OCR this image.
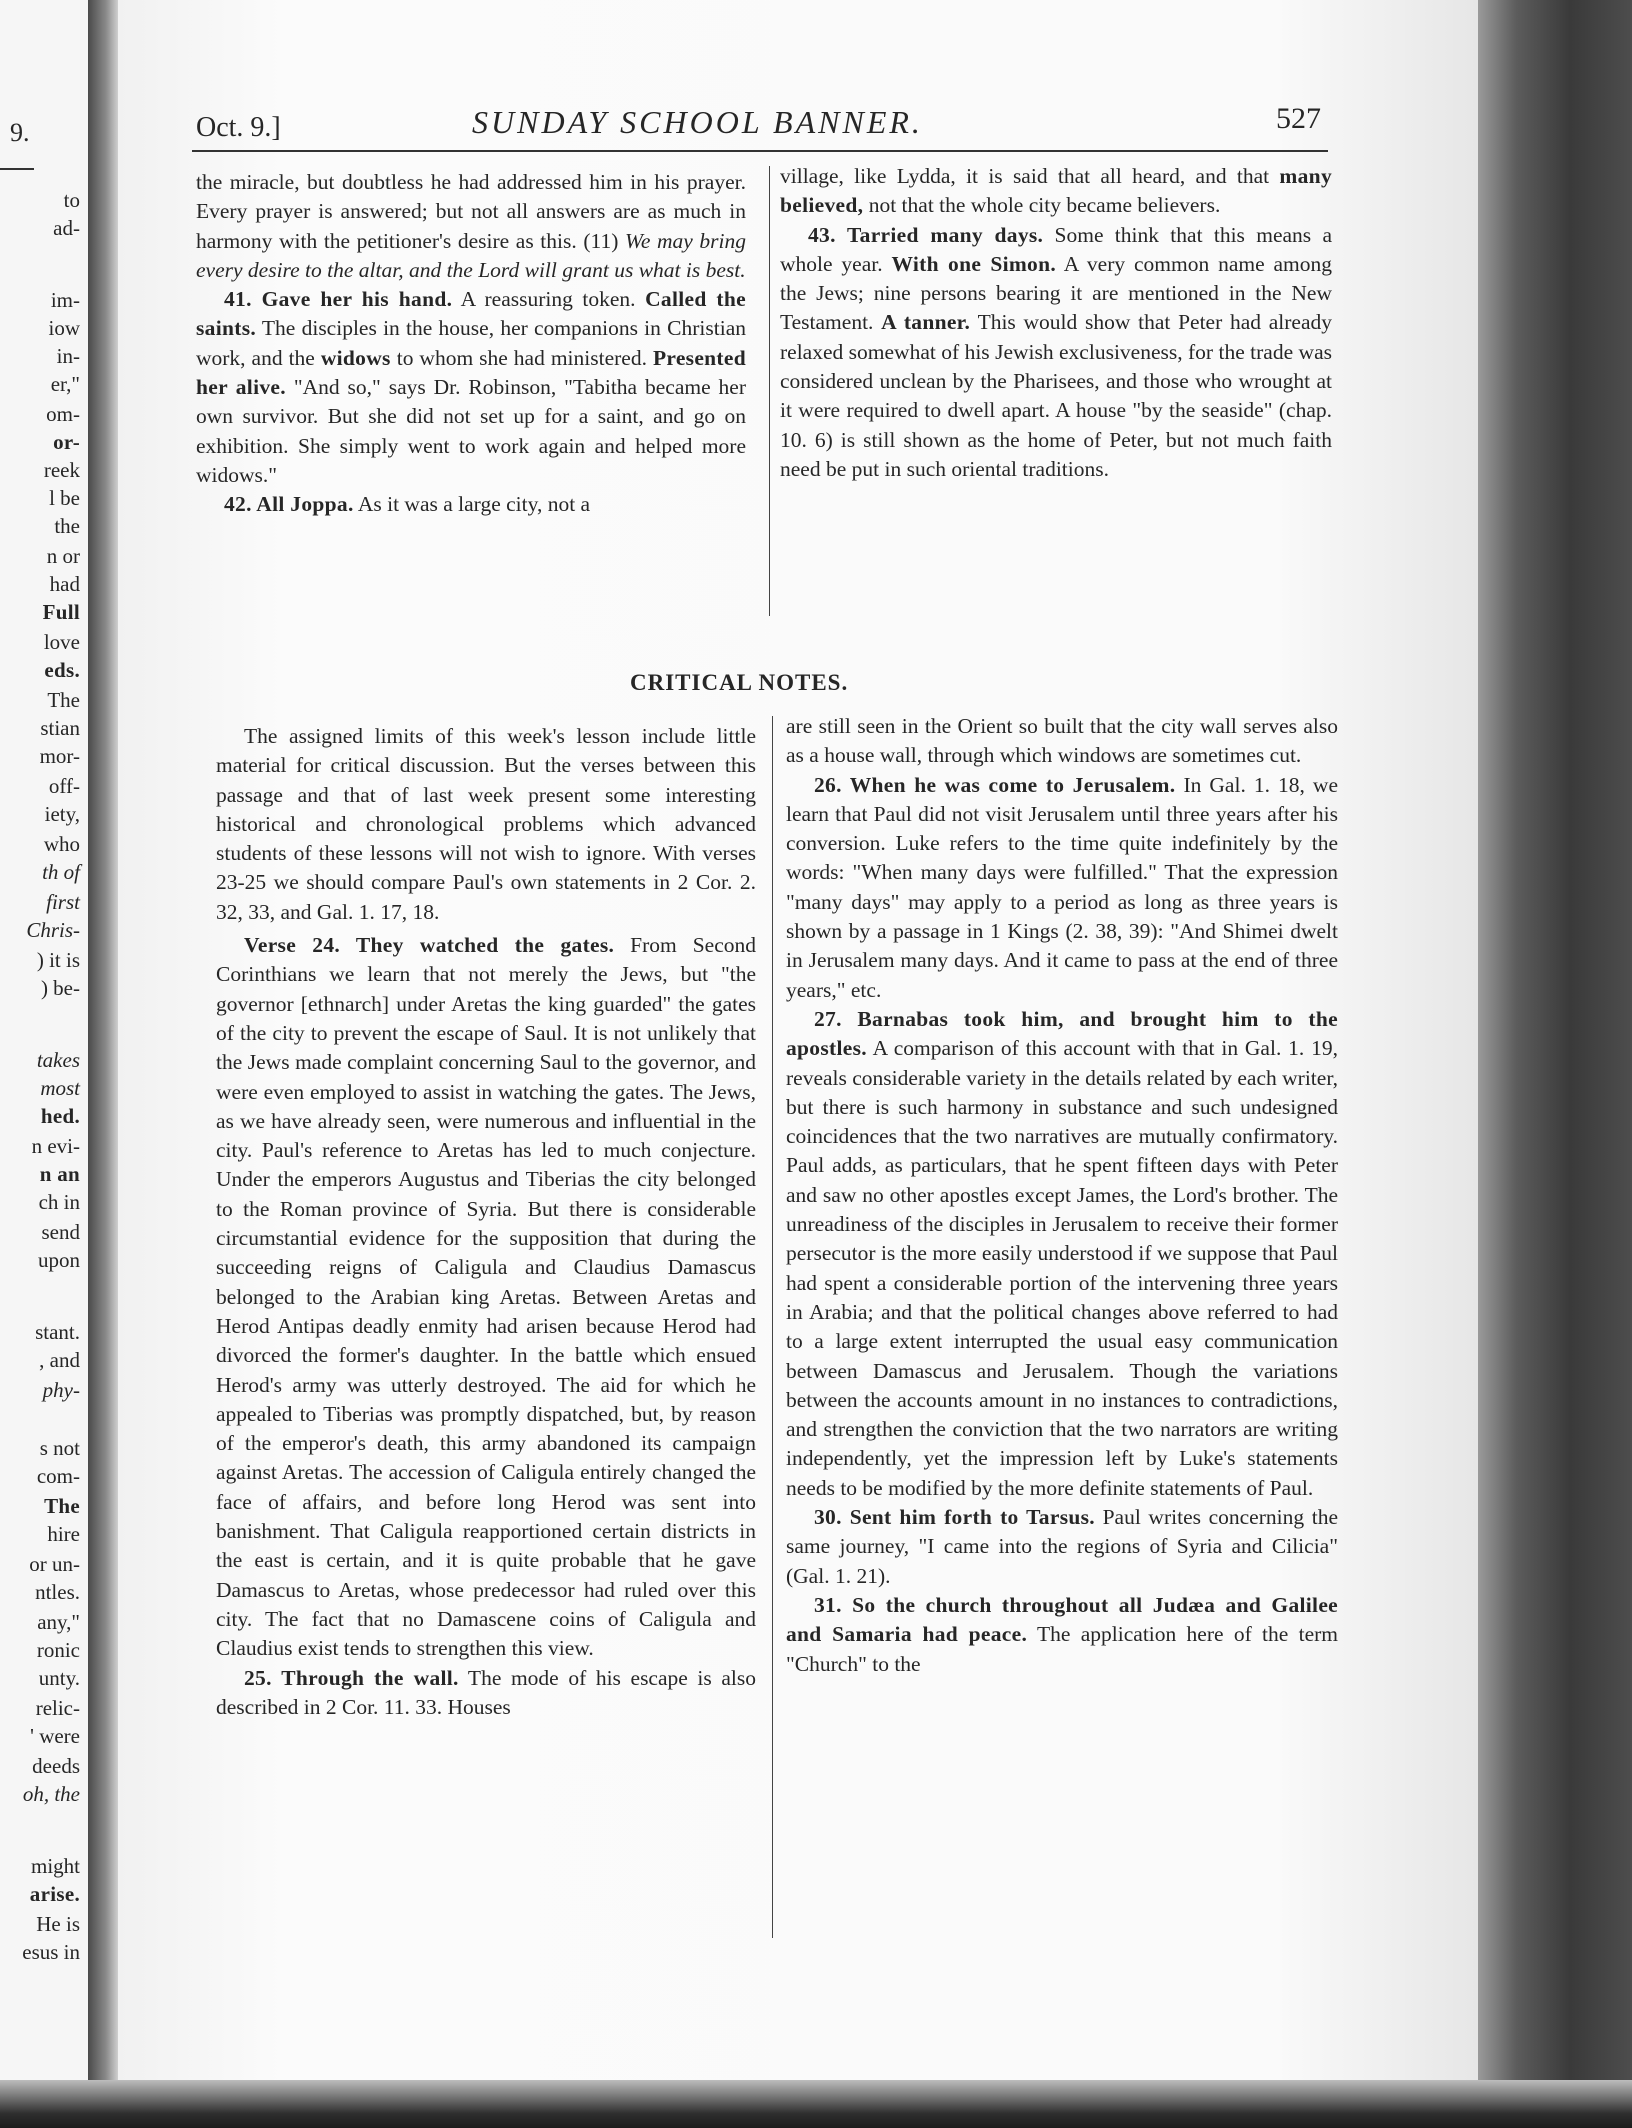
9.
to
ad-
im-
iow
in-
er,"
om-
or-
reek
l be
the
n or
had
Full
love
eds.
The
stian
mor-
off-
iety,
who
th of
first
Chris-
) it is
) be-
takes
most
hed.
n evi-
n an
ch in
send
upon
stant.
, and
phy-
s not
com-
The
hire
or un-
ntles.
any,"
ronic
unty.
relic-
' were
deeds
oh, the
might
arise.
He is
esus in
Oct. 9.]	SUNDAY SCHOOL BANNER.	527

the miracle, but doubtless he had addressed him in his prayer. Every prayer is answered; but not all answers are as much in harmony with the petitioner's desire as this. (11) We may bring every desire to the altar, and the Lord will grant us what is best.

41. Gave her his hand. A reassuring token. Called the saints. The disciples in the house, her companions in Christian work, and the widows to whom she had ministered. Presented her alive. "And so," says Dr. Robinson, "Tabitha became her own survivor. But she did not set up for a saint, and go on exhibition. She simply went to work again and helped more widows."

42. All Joppa. As it was a large city, not a

village, like Lydda, it is said that all heard, and that many believed, not that the whole city became believers.

43. Tarried many days. Some think that this means a whole year. With one Simon. A very common name among the Jews; nine persons bearing it are mentioned in the New Testament. A tanner. This would show that Peter had already relaxed somewhat of his Jewish exclusiveness, for the trade was considered unclean by the Pharisees, and those who wrought at it were required to dwell apart. A house "by the seaside" (chap. 10. 6) is still shown as the home of Peter, but not much faith need be put in such oriental traditions.

CRITICAL NOTES.

The assigned limits of this week's lesson include little material for critical discussion. But the verses between this passage and that of last week present some interesting historical and chronological problems which advanced students of these lessons will not wish to ignore. With verses 23-25 we should compare Paul's own statements in 2 Cor. 2. 32, 33, and Gal. 1. 17, 18.

Verse 24. They watched the gates. From Second Corinthians we learn that not merely the Jews, but "the governor [ethnarch] under Aretas the king guarded" the gates of the city to prevent the escape of Saul. It is not unlikely that the Jews made complaint concerning Saul to the governor, and were even employed to assist in watching the gates. The Jews, as we have already seen, were numerous and influential in the city. Paul's reference to Aretas has led to much conjecture. Under the emperors Augustus and Tiberias the city belonged to the Roman province of Syria. But there is considerable circumstantial evidence for the supposition that during the succeeding reigns of Caligula and Claudius Damascus belonged to the Arabian king Aretas. Between Aretas and Herod Antipas deadly enmity had arisen because Herod had divorced the former's daughter. In the battle which ensued Herod's army was utterly destroyed. The aid for which he appealed to Tiberias was promptly dispatched, but, by reason of the emperor's death, this army abandoned its campaign against Aretas. The accession of Caligula entirely changed the face of affairs, and before long Herod was sent into banishment. That Caligula reapportioned certain districts in the east is certain, and it is quite probable that he gave Damascus to Aretas, whose predecessor had ruled over this city. The fact that no Damascene coins of Caligula and Claudius exist tends to strengthen this view.

25. Through the wall. The mode of his escape is also described in 2 Cor. 11. 33. Houses

are still seen in the Orient so built that the city wall serves also as a house wall, through which windows are sometimes cut.

26. When he was come to Jerusalem. In Gal. 1. 18, we learn that Paul did not visit Jerusalem until three years after his conversion. Luke refers to the time quite indefinitely by the words: "When many days were fulfilled." That the expression "many days" may apply to a period as long as three years is shown by a passage in 1 Kings (2. 38, 39): "And Shimei dwelt in Jerusalem many days. And it came to pass at the end of three years," etc.

27. Barnabas took him, and brought him to the apostles. A comparison of this account with that in Gal. 1. 19, reveals considerable variety in the details related by each writer, but there is such harmony in substance and such undesigned coincidences that the two narratives are mutually confirmatory. Paul adds, as particulars, that he spent fifteen days with Peter and saw no other apostles except James, the Lord's brother. The unreadiness of the disciples in Jerusalem to receive their former persecutor is the more easily understood if we suppose that Paul had spent a considerable portion of the intervening three years in Arabia; and that the political changes above referred to had to a large extent interrupted the usual easy communication between Damascus and Jerusalem. Though the variations between the accounts amount in no instances to contradictions, and strengthen the conviction that the two narrators are writing independently, yet the impression left by Luke's statements needs to be modified by the more definite statements of Paul.

30. Sent him forth to Tarsus. Paul writes concerning the same journey, "I came into the regions of Syria and Cilicia" (Gal. 1. 21).

31. So the church throughout all Judæa and Galilee and Samaria had peace. The application here of the term "Church" to the
